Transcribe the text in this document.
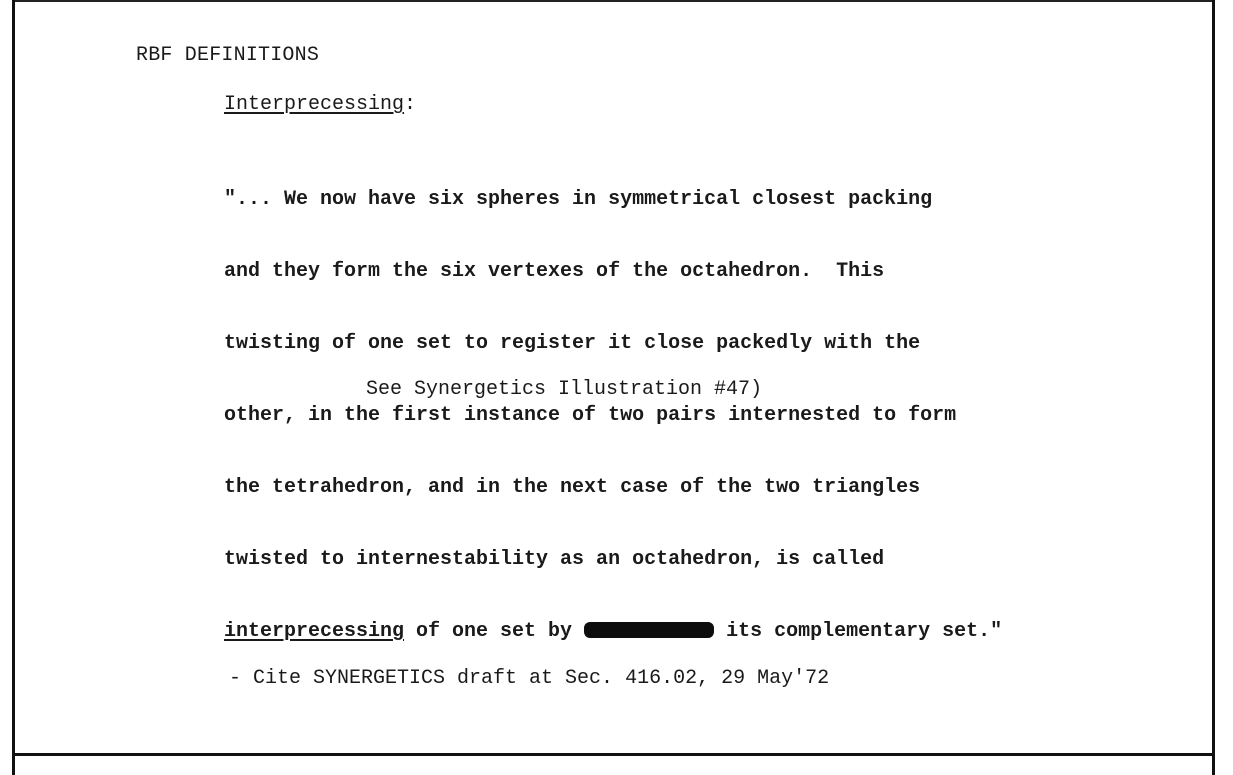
RBF DEFINITIONS
Interprecessing:

"... We now have six spheres in symmetrical closest packing

and they form the six vertexes of the octahedron.  This

twisting of one set to register it close packedly with the

other, in the first instance of two pairs internested to form

the tetrahedron, and in the next case of the two triangles

twisted to internestability as an octahedron, is called

interprecessing of one set by	its complementary set."

See Synergetics Illustration #47)
- Cite SYNERGETICS draft at Sec. 416.02, 29 May'72
